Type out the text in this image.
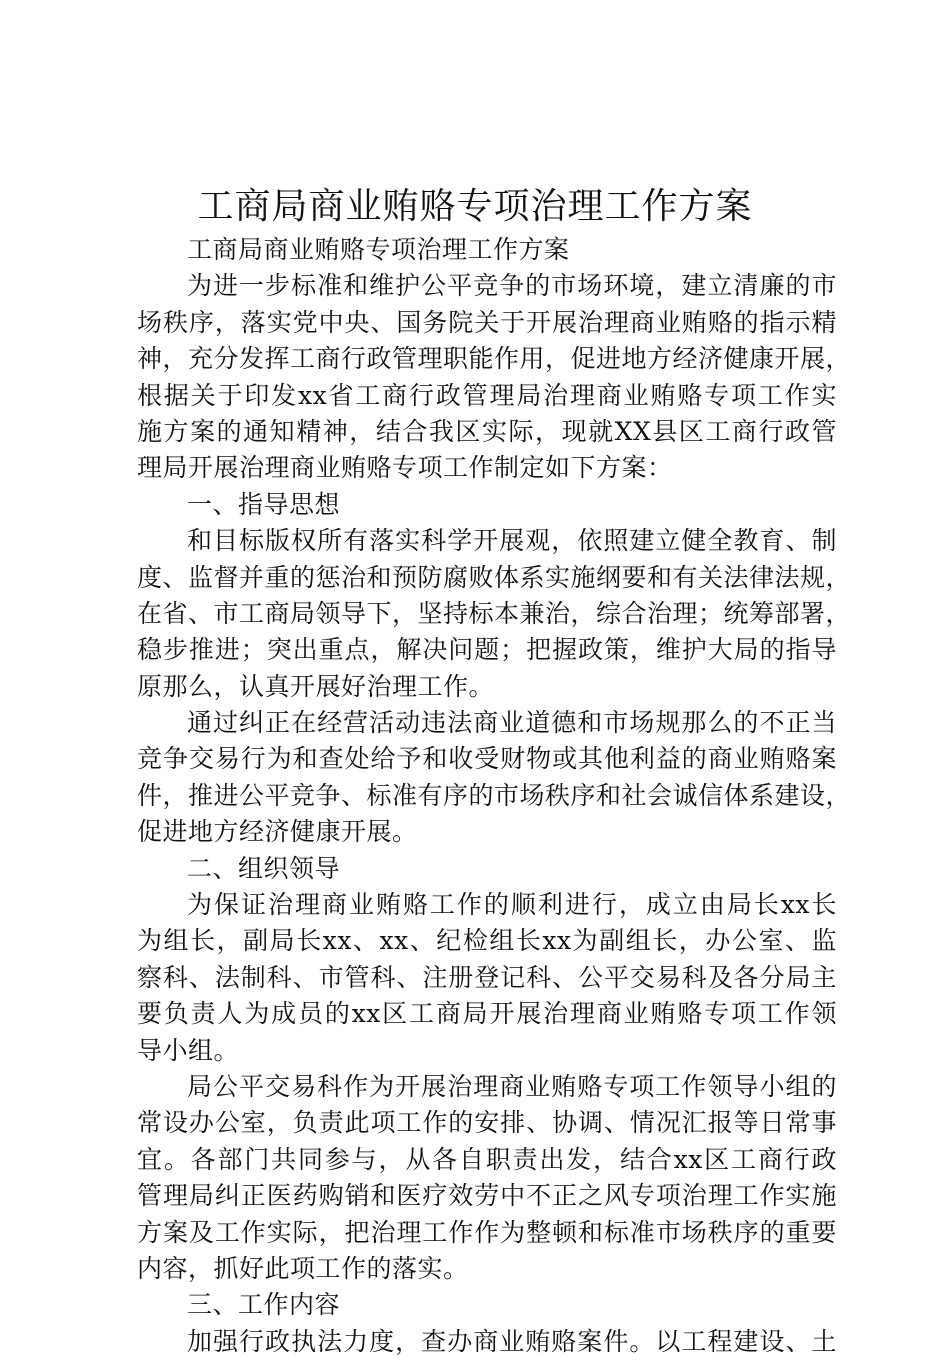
工商局商业贿赂专项治理工作方案
工商局商业贿赂专项治理工作方案
为进一步标准和维护公平竞争的市场环境，建立清廉的市
场秩序，落实党中央、国务院关于开展治理商业贿赂的指示精
神，充分发挥工商行政管理职能作用，促进地方经济健康开展，
根据关于印发xx省工商行政管理局治理商业贿赂专项工作实
施方案的通知精神，结合我区实际，现就XX县区工商行政管
理局开展治理商业贿赂专项工作制定如下方案：
一、指导思想
和目标版权所有落实科学开展观，依照建立健全教育、制
度、监督并重的惩治和预防腐败体系实施纲要和有关法律法规，
在省、市工商局领导下，坚持标本兼治，综合治理；统筹部署，
稳步推进；突出重点，解决问题；把握政策，维护大局的指导
原那么，认真开展好治理工作。
通过纠正在经营活动违法商业道德和市场规那么的不正当
竞争交易行为和查处给予和收受财物或其他利益的商业贿赂案
件，推进公平竞争、标准有序的市场秩序和社会诚信体系建设，
促进地方经济健康开展。
二、组织领导
为保证治理商业贿赂工作的顺利进行，成立由局长xx长
为组长，副局长xx、xx、纪检组长xx为副组长，办公室、监
察科、法制科、市管科、注册登记科、公平交易科及各分局主
要负责人为成员的xx区工商局开展治理商业贿赂专项工作领
导小组。
局公平交易科作为开展治理商业贿赂专项工作领导小组的
常设办公室，负责此项工作的安排、协调、情况汇报等日常事
宜。各部门共同参与，从各自职责出发，结合xx区工商行政
管理局纠正医药购销和医疗效劳中不正之风专项治理工作实施
方案及工作实际，把治理工作作为整顿和标准市场秩序的重要
内容，抓好此项工作的落实。
三、工作内容
加强行政执法力度，查办商业贿赂案件。以工程建设、土
